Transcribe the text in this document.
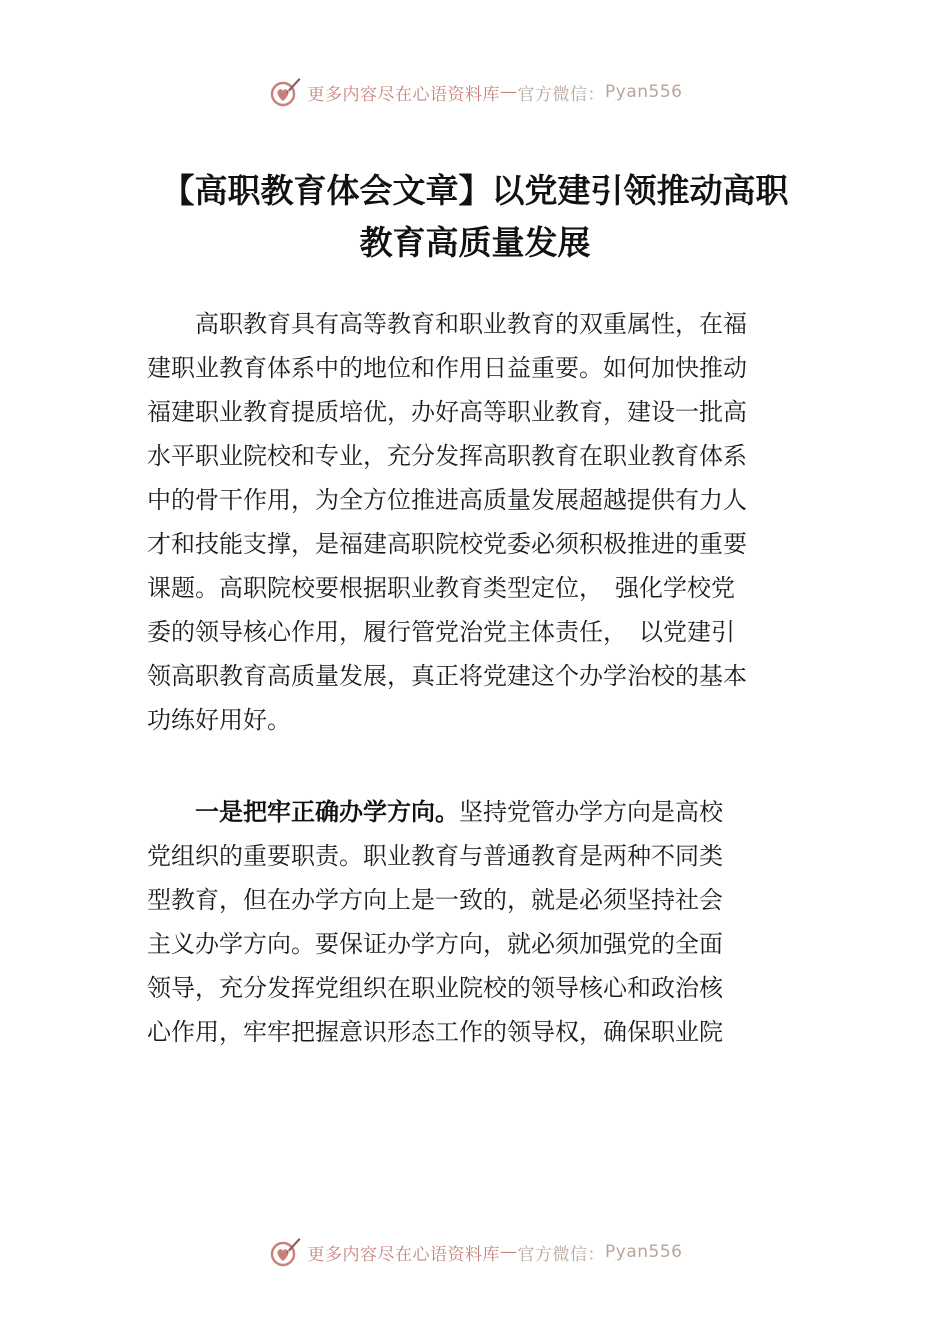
更多内容尽在心语资料库 — 官方微信： Pyan556
【高职教育体会文章】以党建引领推动高职
教育高质量发展
　　高职教育具有高等教育和职业教育的双重属性，在福
建职业教育体系中的地位和作用日益重要。如何加快推动
福建职业教育提质培优，办好高等职业教育，建设一批高
水平职业院校和专业，充分发挥高职教育在职业教育体系
中的骨干作用，为全方位推进高质量发展超越提供有力人
才和技能支撑，是福建高职院校党委必须积极推进的重要
课题。高职院校要根据职业教育类型定位，　强化学校党
委的领导核心作用，履行管党治党主体责任，　以党建引
领高职教育高质量发展，真正将党建这个办学治校的基本
功练好用好。
　　一是把牢正确办学方向。坚持党管办学方向是高校
党组织的重要职责。职业教育与普通教育是两种不同类
型教育，但在办学方向上是一致的，就是必须坚持社会
主义办学方向。要保证办学方向，就必须加强党的全面
领导，充分发挥党组织在职业院校的领导核心和政治核
心作用，牢牢把握意识形态工作的领导权，确保职业院
更多内容尽在心语资料库 — 官方微信： Pyan556
